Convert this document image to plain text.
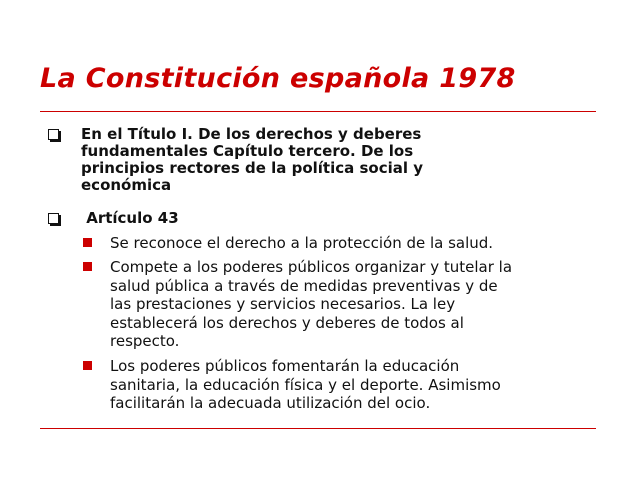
La Constitución española 1978
En el Título I. De los derechos y deberes
fundamentales Capítulo tercero. De los
principios rectores de la política social y
económica
Artículo 43
Se reconoce el derecho a la protección de la salud.
Compete a los poderes públicos organizar y tutelar la
salud pública a través de medidas preventivas y de
las prestaciones y servicios necesarios. La ley
establecerá los derechos y deberes de todos al
respecto.
Los poderes públicos fomentarán la educación
sanitaria, la educación física y el deporte. Asimismo
facilitarán la adecuada utilización del ocio.
